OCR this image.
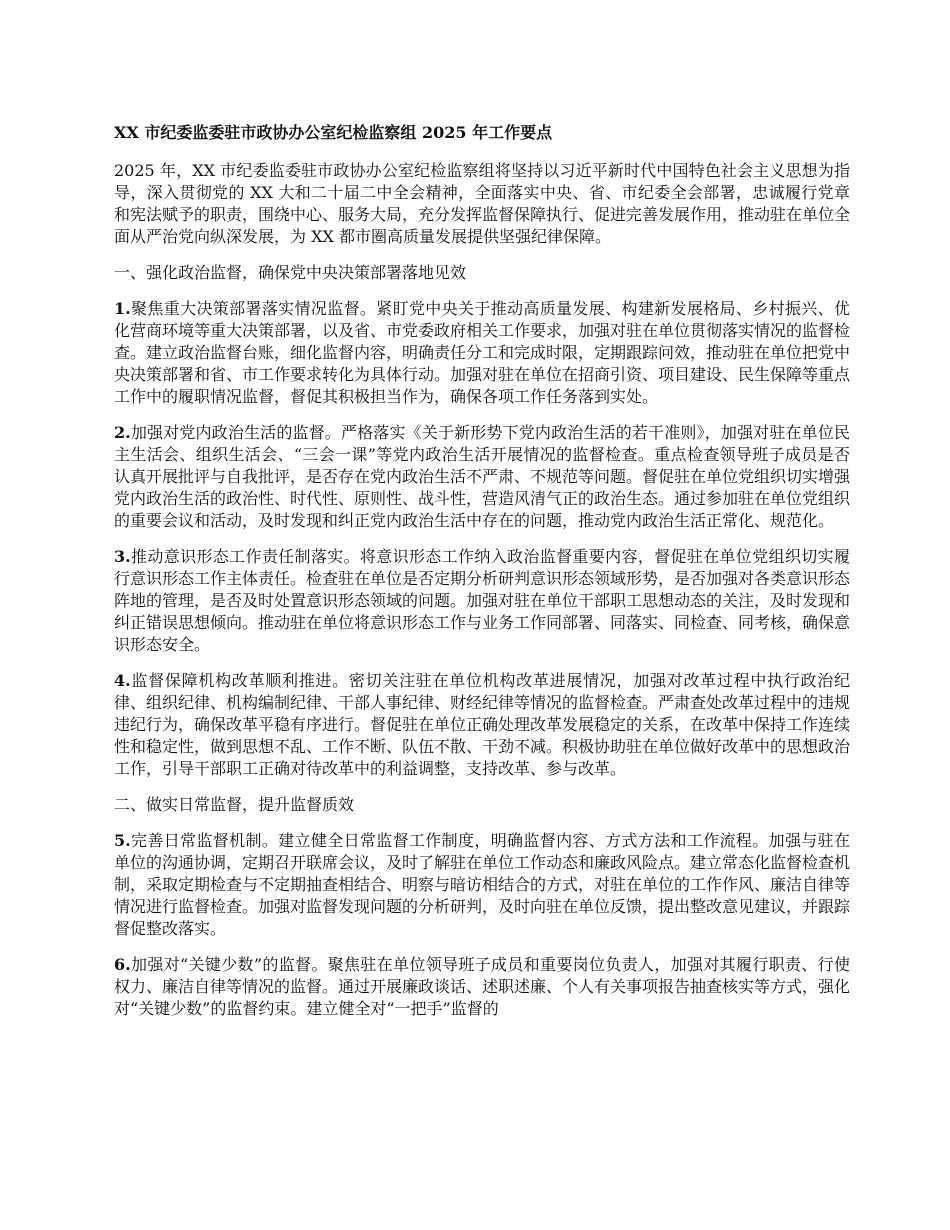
XX 市纪委监委驻市政协办公室纪检监察组 2025 年工作要点
2025 年，XX 市纪委监委驻市政协办公室纪检监察组将坚持以习近平新时代中国特色社会主义思想为指导，深入贯彻党的 XX 大和二十届二中全会精神，全面落实中央、省、市纪委全会部署，忠诚履行党章和宪法赋予的职责，围绕中心、服务大局，充分发挥监督保障执行、促进完善发展作用，推动驻在单位全面从严治党向纵深发展，为 XX 都市圈高质量发展提供坚强纪律保障。
一、强化政治监督，确保党中央决策部署落地见效
1.聚焦重大决策部署落实情况监督。紧盯党中央关于推动高质量发展、构建新发展格局、乡村振兴、优化营商环境等重大决策部署，以及省、市党委政府相关工作要求，加强对驻在单位贯彻落实情况的监督检查。建立政治监督台账，细化监督内容，明确责任分工和完成时限，定期跟踪问效，推动驻在单位把党中央决策部署和省、市工作要求转化为具体行动。加强对驻在单位在招商引资、项目建设、民生保障等重点工作中的履职情况监督，督促其积极担当作为，确保各项工作任务落到实处。
2.加强对党内政治生活的监督。严格落实《关于新形势下党内政治生活的若干准则》，加强对驻在单位民主生活会、组织生活会、“三会一课”等党内政治生活开展情况的监督检查。重点检查领导班子成员是否认真开展批评与自我批评，是否存在党内政治生活不严肃、不规范等问题。督促驻在单位党组织切实增强党内政治生活的政治性、时代性、原则性、战斗性，营造风清气正的政治生态。通过参加驻在单位党组织的重要会议和活动，及时发现和纠正党内政治生活中存在的问题，推动党内政治生活正常化、规范化。
3.推动意识形态工作责任制落实。将意识形态工作纳入政治监督重要内容，督促驻在单位党组织切实履行意识形态工作主体责任。检查驻在单位是否定期分析研判意识形态领域形势，是否加强对各类意识形态阵地的管理，是否及时处置意识形态领域的问题。加强对驻在单位干部职工思想动态的关注，及时发现和纠正错误思想倾向。推动驻在单位将意识形态工作与业务工作同部署、同落实、同检查、同考核，确保意识形态安全。
4.监督保障机构改革顺利推进。密切关注驻在单位机构改革进展情况，加强对改革过程中执行政治纪律、组织纪律、机构编制纪律、干部人事纪律、财经纪律等情况的监督检查。严肃查处改革过程中的违规违纪行为，确保改革平稳有序进行。督促驻在单位正确处理改革发展稳定的关系，在改革中保持工作连续性和稳定性，做到思想不乱、工作不断、队伍不散、干劲不减。积极协助驻在单位做好改革中的思想政治工作，引导干部职工正确对待改革中的利益调整，支持改革、参与改革。
二、做实日常监督，提升监督质效
5.完善日常监督机制。建立健全日常监督工作制度，明确监督内容、方式方法和工作流程。加强与驻在单位的沟通协调，定期召开联席会议，及时了解驻在单位工作动态和廉政风险点。建立常态化监督检查机制，采取定期检查与不定期抽查相结合、明察与暗访相结合的方式，对驻在单位的工作作风、廉洁自律等情况进行监督检查。加强对监督发现问题的分析研判，及时向驻在单位反馈，提出整改意见建议，并跟踪督促整改落实。
6.加强对“关键少数”的监督。聚焦驻在单位领导班子成员和重要岗位负责人，加强对其履行职责、行使权力、廉洁自律等情况的监督。通过开展廉政谈话、述职述廉、个人有关事项报告抽查核实等方式，强化对“关键少数”的监督约束。建立健全对“一把手”监督的
